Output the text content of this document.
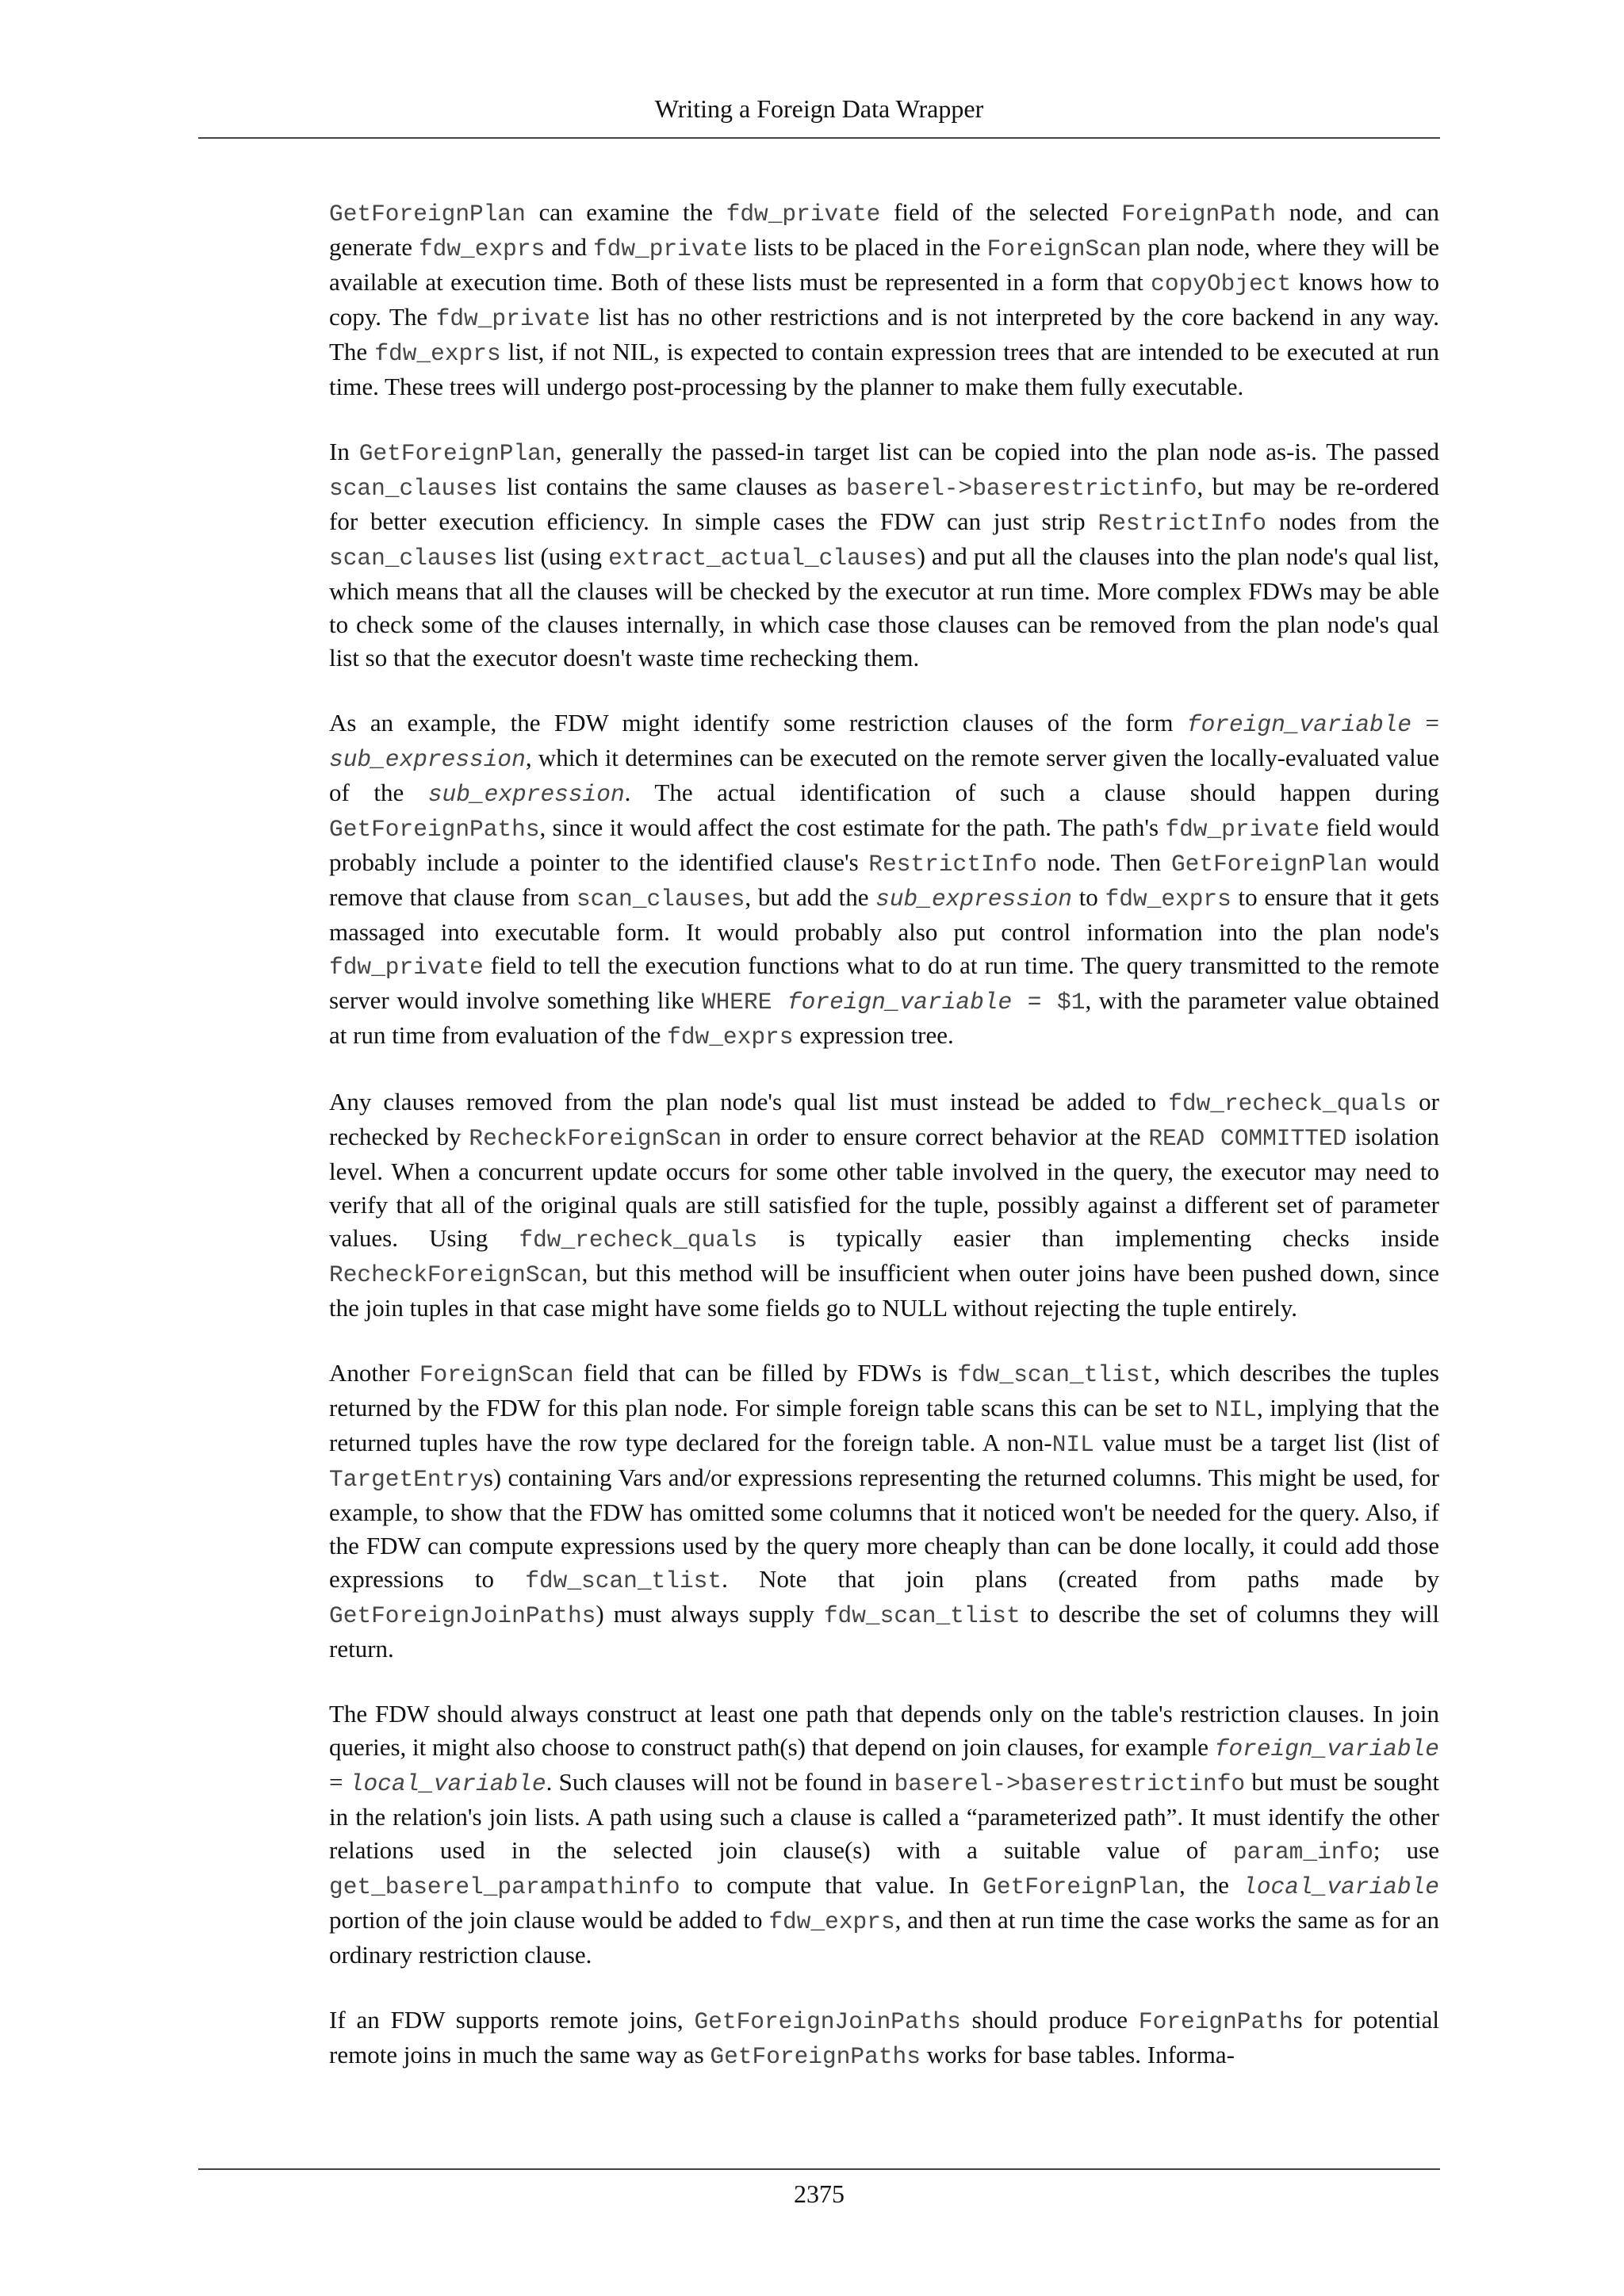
Writing a Foreign Data Wrapper

GetForeignPlan can examine the fdw_private field of the selected ForeignPath node, and can generate fdw_exprs and fdw_private lists to be placed in the ForeignScan plan node, where they will be available at execution time. Both of these lists must be represented in a form that copyObject knows how to copy. The fdw_private list has no other restrictions and is not interpreted by the core backend in any way. The fdw_exprs list, if not NIL, is expected to contain expression trees that are intended to be executed at run time. These trees will undergo post-processing by the planner to make them fully executable.

In GetForeignPlan, generally the passed-in target list can be copied into the plan node as-is. The passed scan_clauses list contains the same clauses as baserel->baserestrictinfo, but may be re-ordered for better execution efficiency. In simple cases the FDW can just strip RestrictInfo nodes from the scan_clauses list (using extract_actual_clauses) and put all the clauses into the plan node's qual list, which means that all the clauses will be checked by the executor at run time. More complex FDWs may be able to check some of the clauses internally, in which case those clauses can be removed from the plan node's qual list so that the executor doesn't waste time rechecking them.

As an example, the FDW might identify some restriction clauses of the form foreign_variable = sub_expression, which it determines can be executed on the remote server given the locally-evaluated value of the sub_expression. The actual identification of such a clause should happen during GetForeignPaths, since it would affect the cost estimate for the path. The path's fdw_private field would probably include a pointer to the identified clause's RestrictInfo node. Then GetForeignPlan would remove that clause from scan_clauses, but add the sub_expression to fdw_exprs to ensure that it gets massaged into executable form. It would probably also put control information into the plan node's fdw_private field to tell the execution functions what to do at run time. The query transmitted to the remote server would involve something like WHERE foreign_variable = $1, with the parameter value obtained at run time from evaluation of the fdw_exprs expression tree.

Any clauses removed from the plan node's qual list must instead be added to fdw_recheck_quals or rechecked by RecheckForeignScan in order to ensure correct behavior at the READ COMMITTED isolation level. When a concurrent update occurs for some other table involved in the query, the executor may need to verify that all of the original quals are still satisfied for the tuple, possibly against a different set of parameter values. Using fdw_recheck_quals is typically easier than implementing checks inside RecheckForeignScan, but this method will be insufficient when outer joins have been pushed down, since the join tuples in that case might have some fields go to NULL without rejecting the tuple entirely.

Another ForeignScan field that can be filled by FDWs is fdw_scan_tlist, which describes the tuples returned by the FDW for this plan node. For simple foreign table scans this can be set to NIL, implying that the returned tuples have the row type declared for the foreign table. A non-NIL value must be a target list (list of TargetEntrys) containing Vars and/or expressions representing the returned columns. This might be used, for example, to show that the FDW has omitted some columns that it noticed won't be needed for the query. Also, if the FDW can compute expressions used by the query more cheaply than can be done locally, it could add those expressions to fdw_scan_tlist. Note that join plans (created from paths made by GetForeignJoinPaths) must always supply fdw_scan_tlist to describe the set of columns they will return.

The FDW should always construct at least one path that depends only on the table's restriction clauses. In join queries, it might also choose to construct path(s) that depend on join clauses, for example foreign_variable = local_variable. Such clauses will not be found in baserel->baserestrictinfo but must be sought in the relation's join lists. A path using such a clause is called a “parameterized path”. It must identify the other relations used in the selected join clause(s) with a suitable value of param_info; use get_baserel_parampathinfo to compute that value. In GetForeignPlan, the local_variable portion of the join clause would be added to fdw_exprs, and then at run time the case works the same as for an ordinary restriction clause.

If an FDW supports remote joins, GetForeignJoinPaths should produce ForeignPaths for potential remote joins in much the same way as GetForeignPaths works for base tables. Informa-

2375
